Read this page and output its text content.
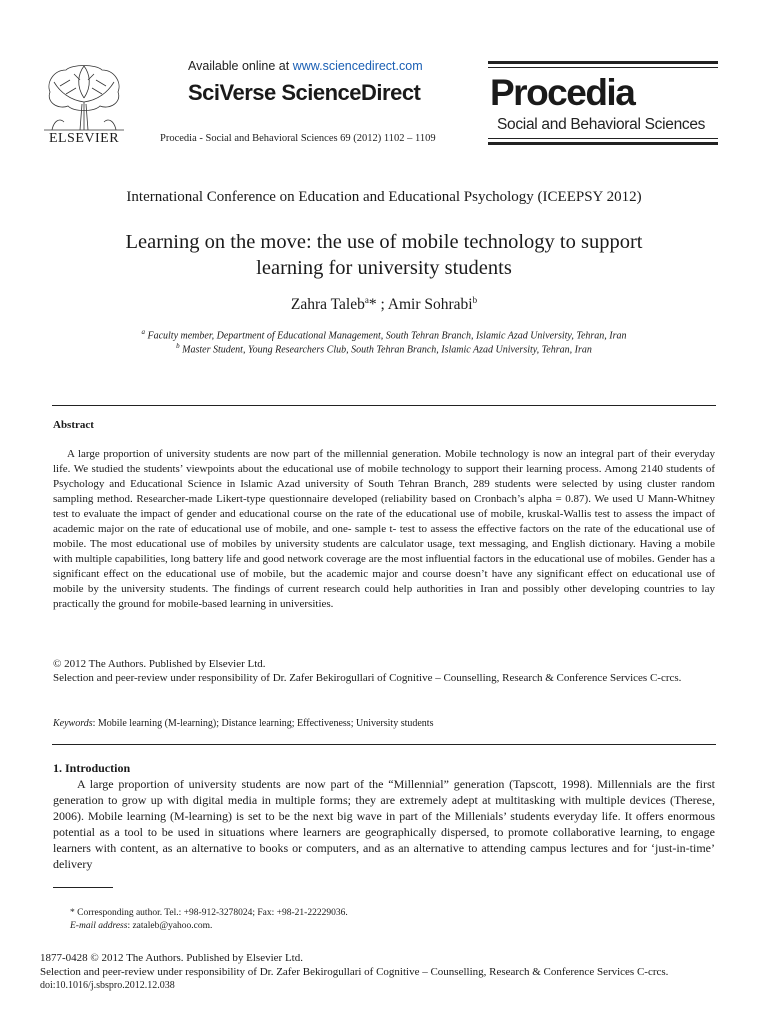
ELSEVIER
Available online at www.sciencedirect.com
SciVerse ScienceDirect
Procedia - Social and Behavioral Sciences 69 (2012) 1102 – 1109
Procedia
Social and Behavioral Sciences
International Conference on Education and Educational Psychology (ICEEPSY 2012)
Learning on the move: the use of mobile technology to support
learning for university students
Zahra Taleb$^a$* ; Amir Sohrabi$^b$
$^a$ Faculty member, Department of Educational Management, South Tehran Branch, Islamic Azad University, Tehran, Iran
$^b$ Master Student, Young Researchers Club, South Tehran Branch, Islamic Azad University, Tehran, Iran
Abstract
A large proportion of university students are now part of the millennial generation. Mobile technology is now an integral part of their everyday life. We studied the students’ viewpoints about the educational use of mobile technology to support their learning process. Among 2140 students of Psychology and Educational Science in Islamic Azad university of South Tehran Branch, 289 students were selected by using cluster random sampling method. Researcher-made Likert-type questionnaire developed (reliability based on Cronbach’s alpha = 0.87). We used U Mann-Whitney test to evaluate the impact of gender and educational course on the rate of the educational use of mobile, kruskal-Wallis test to assess the impact of academic major on the rate of educational use of mobile, and one- sample t- test to assess the effective factors on the rate of the educational use of mobile. The most educational use of mobiles by university students are calculator usage, text messaging, and English dictionary. Having a mobile with multiple capabilities, long battery life and good network coverage are the most influential factors in the educational use of mobiles. Gender has a significant effect on the educational use of mobile, but the academic major and course doesn’t have any significant effect on educational use of mobile by the university students. The findings of current research could help authorities in Iran and possibly other developing countries to lay practically the ground for mobile-based learning in universities.
© 2012 The Authors. Published by Elsevier Ltd.
Selection and peer-review under responsibility of Dr. Zafer Bekirogullari of Cognitive – Counselling, Research & Conference Services C-crcs.
Keywords: Mobile learning (M-learning); Distance learning; Effectiveness; University students
1. Introduction
A large proportion of university students are now part of the “Millennial” generation (Tapscott, 1998). Millennials are the first generation to grow up with digital media in multiple forms; they are extremely adept at multitasking with multiple devices (Therese, 2006). Mobile learning (M-learning) is set to be the next big wave in part of the Millenials’ students everyday life. It offers enormous potential as a tool to be used in situations where learners are geographically dispersed, to promote collaborative learning, to engage learners with content, as an alternative to books or computers, and as an alternative to attending campus lectures and for ‘just-in-time’ delivery
* Corresponding author. Tel.: +98-912-3278024; Fax: +98-21-22229036.
E-mail address: zataleb@yahoo.com.
1877-0428 © 2012 The Authors. Published by Elsevier Ltd.
Selection and peer-review under responsibility of Dr. Zafer Bekirogullari of Cognitive – Counselling, Research & Conference Services C-crcs.
doi:10.1016/j.sbspro.2012.12.038
